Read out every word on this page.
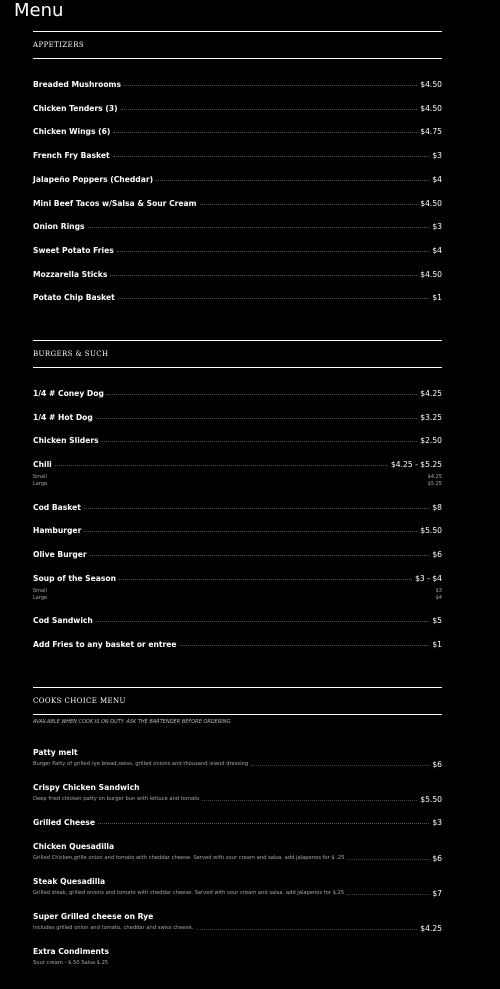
Menu
APPETIZERS
Breaded Mushrooms	$4.50
Chicken Tenders (3)	$4.50
Chicken Wings (6)	$4.75
French Fry Basket	$3
Jalapeño Poppers (Cheddar)	$4
Mini Beef Tacos w/Salsa & Sour Cream	$4.50
Onion Rings	$3
Sweet Potato Fries	$4
Mozzarella Sticks	$4.50
Potato Chip Basket	$1
BURGERS & SUCH
1/4 # Coney Dog	$4.25
1/4 # Hot Dog	$3.25
Chicken Sliders	$2.50
Chili	$4.25 - $5.25
Small	$4.25
Large	$5.25
Cod Basket	$8
Hamburger	$5.50
Olive Burger	$6
Soup of the Season	$3 - $4
Small	$3
Large	$4
Cod Sandwich	$5
Add Fries to any basket or entree	$1
COOKS CHOICE MENU
AVAILABLE WHEN COOK IS ON DUTY. ASK THE BARTENDER BEFORE ORDERING
Patty melt
Burger Patty of grilled rye bread,swiss, grilled onions and thousand island dressing	$6
Crispy Chicken Sandwich
Deep fried chicken patty on burger bun with lettuce and tomato	$5.50
Grilled Cheese	$3
Chicken Quesadilla
Grilled Chicken,grille onion and tomato with cheddar cheese. Served with sour cream and salsa. add jalapenos for $ .25	$6
Steak Quesadilla
Grilled steak, grilled onions and tomato with cheddar cheese. Served with sour cream and salsa. add jalapenos for $.25	$7
Super Grilled cheese on Rye
Includes grilled onion and tomato, cheddar and swiss cheese.	$4.25
Extra Condiments
Sour cream - $.50 Salsa $.25
